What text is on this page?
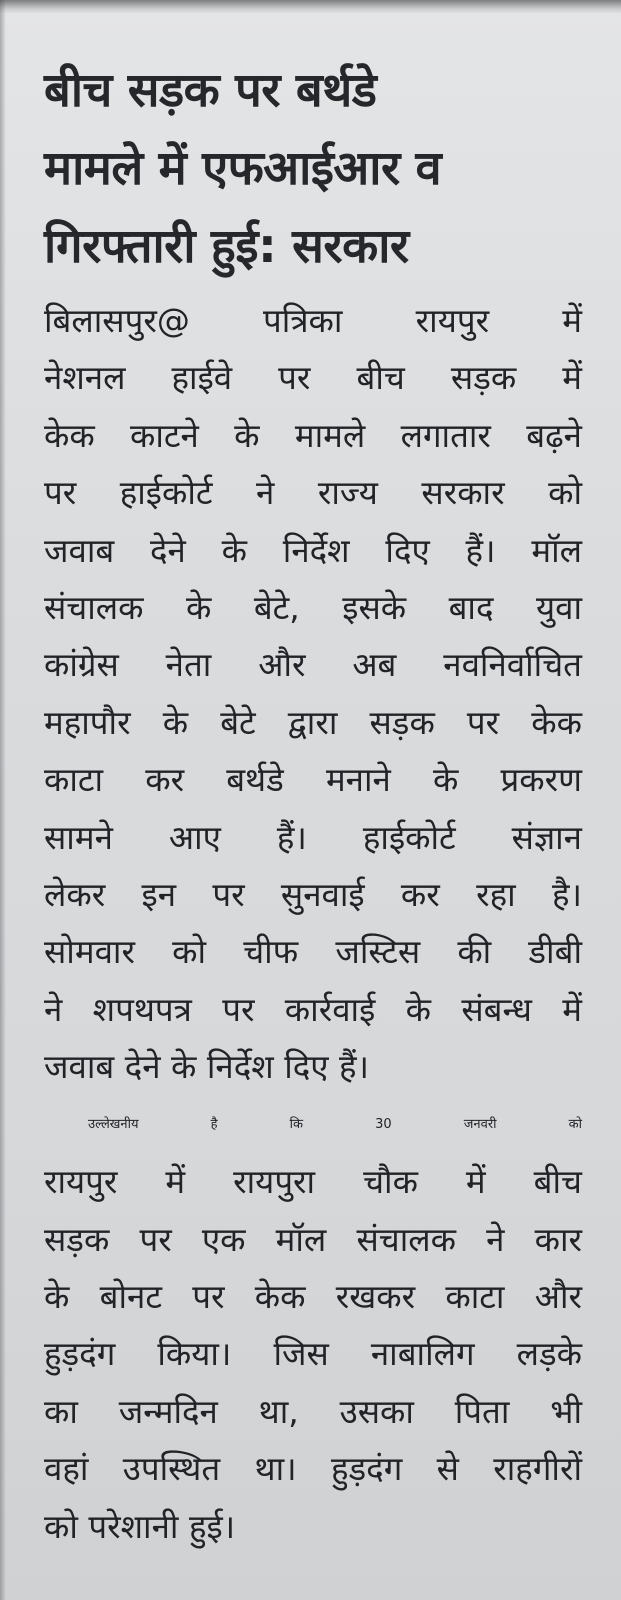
बीच सड़क पर बर्थडे
मामले में एफआईआर व
गिरफ्तारी हुई: सरकार
बिलासपुर@ पत्रिका रायपुर में
नेशनल हाईवे पर बीच सड़क में
केक काटने के मामले लगातार बढ़ने
पर हाईकोर्ट ने राज्य सरकार को
जवाब देने के निर्देश दिए हैं। मॉल
संचालक के बेटे, इसके बाद युवा
कांग्रेस नेता और अब नवनिर्वाचित
महापौर के बेटे द्वारा सड़क पर केक
काटा कर बर्थडे मनाने के प्रकरण
सामने आए हैं। हाईकोर्ट संज्ञान
लेकर इन पर सुनवाई कर रहा है।
सोमवार को चीफ जस्टिस की डीबी
ने शपथपत्र पर कार्रवाई के संबन्ध में
जवाब देने के निर्देश दिए हैं।
उल्लेखनीय है कि 30 जनवरी को
रायपुर में रायपुरा चौक में बीच
सड़क पर एक मॉल संचालक ने कार
के बोनट पर केक रखकर काटा और
हुड़दंग किया। जिस नाबालिग लड़के
का जन्मदिन था, उसका पिता भी
वहां उपस्थित था। हुड़दंग से राहगीरों
को परेशानी हुई।
